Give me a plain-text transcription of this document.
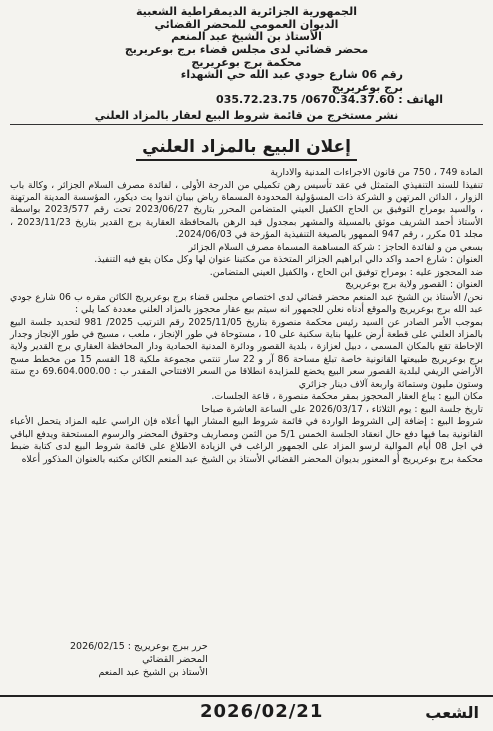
الجمهورية الجزائرية الديمقراطية الشعبية
الديوان العمومي للمحضر القضائي
الأستاذ بن الشيخ عبد المنعم
محضر قضائي لدى مجلس قضاء برج بوعريريج
محكمة برج بوعريريج
رقم 06 شارع جودي عبد الله حي الشهداء
برج بوعريريج
الهاتف : 0670.34.37.60/ 035.72.23.75
نشر مستخرج من قائمة شروط البيع لعقار بالمزاد العلني
إعلان البيع بالمزاد العلني

المادة 749 ، 750 من قانون الاجراءات المدنية والادارية

تنفيذا للسند التنفيذي المتمثل في عقد تأسيس رهن تكميلي من الدرجة الأولى ، لفائدة مصرف السلام الجزائر ، وكالة باب الزوار ، الدائن المرتهن و الشركة ذات المسؤولية المحدودة المسماة رياض بيبان اندوا يت ديكور، المؤسسة المدينة المرتهنة ، والسيد بومراح التوفيق بن الحاج الكفيل العيني المتضامن المحرر بتاريخ 2023/06/27 تحت رقم 2023/577 بواسطة الأستاذ أحمد الشريف موثق بالمسيلة والمشهر بمجدول قيد الرهن بالمحافظة العقارية برج القدير بتاريخ 2023/11/23 ، مجلد 01 مكرر ، رقم 947 الممهور بالصيغة التنفيذية المؤرخة في 2024/06/03.

بسعي من و لفائدة الحاجز : شركة المساهمة المسماة مصرف السلام الجزائر

العنوان : شارع احمد واكد دالي ابراهيم الجزائر المتخذة من مكتبنا عنوان لها وكل مكان يقع فيه التنفيذ.

ضد المحجوز عليه : بومراح توفيق ابن الحاج ، والكفيل العيني المتضامن.

العنوان : القصور ولاية برج بوعريريج

نحن/ الأستاذ بن الشيخ عبد المنعم محضر قضائي لدى اختصاص مجلس قضاء برج بوعريريج الكائن مقره ب 06 شارع جودي عبد الله برج بوعريريج والموقع أدناه نعلن للجمهور انه سيتم بيع عقار محجوز بالمزاد العلني معددة كما يلي :

بموجب الأمر الصادر عن السيد رئيس محكمة منصورة بتاريخ 2025/11/05 رقم الترتيب 2025/ 981 لتحديد جلسة البيع بالمزاد العلني على قطعة أرض عليها بناية سكنية على 10 ، مستوحاة في طور الإنجاز ، ملعب ، مسيج في طور الإنجاز وجدار الإحاطة تقع بالمكان المسمى ، دبيل لعزازة ، بلدية القصور ودائرة المدنية الحمادية ودار المحافظة العقاري برج القدير ولاية برج بوعريريج طبيعتها القانونية خاصة تبلغ مساحة 86 آر و 22 سار تنتمي مجموعة ملكية 18 القسم 15 من مخطط مسح الأراضي الريفي لبلدية القصور سعر البيع يخضع للمزايدة انطلاقا من السعر الافتتاحي المقدر ب : 69.604.000.00 دج ستة وستون مليون وستمائة واربعة آلاف دينار جزائري

مكان البيع : يباع العقار المحجوز بمقر محكمة منصورة ، قاعة الجلسات.

تاريخ جلسة البيع : يوم الثلاثاء ، 2026/03/17 على الساعة العاشرة صباحا

شروط البيع : إضافة إلى الشروط الواردة في قائمة شروط البيع المشار اليها أعلاه فإن الراسي عليه المزاد يتحمل الأعباء القانونية بما فيها دفع حال انعقاد الجلسة الخمس 5/1 من الثمن ومصاريف وحقوق المحضر والرسوم المستحقة ويدفع الباقي في اجل 08 أيام الموالية لرسو المزاد على الجمهور الراغب في الزيادة الاطلاع على قائمة شروط البيع لدى كتابة ضبط محكمة برج بوعريريج أو المعنور بديوان المحضر القضائي الأستاذ بن الشيخ عبد المنعم الكائن مكتبه بالعنوان المذكور أعلاه

حرر ببرج بوعريريج : 2026/02/15
المحضر القضائي
الأستاذ بن الشيخ عبد المنعم
الشعب
2026/02/21
